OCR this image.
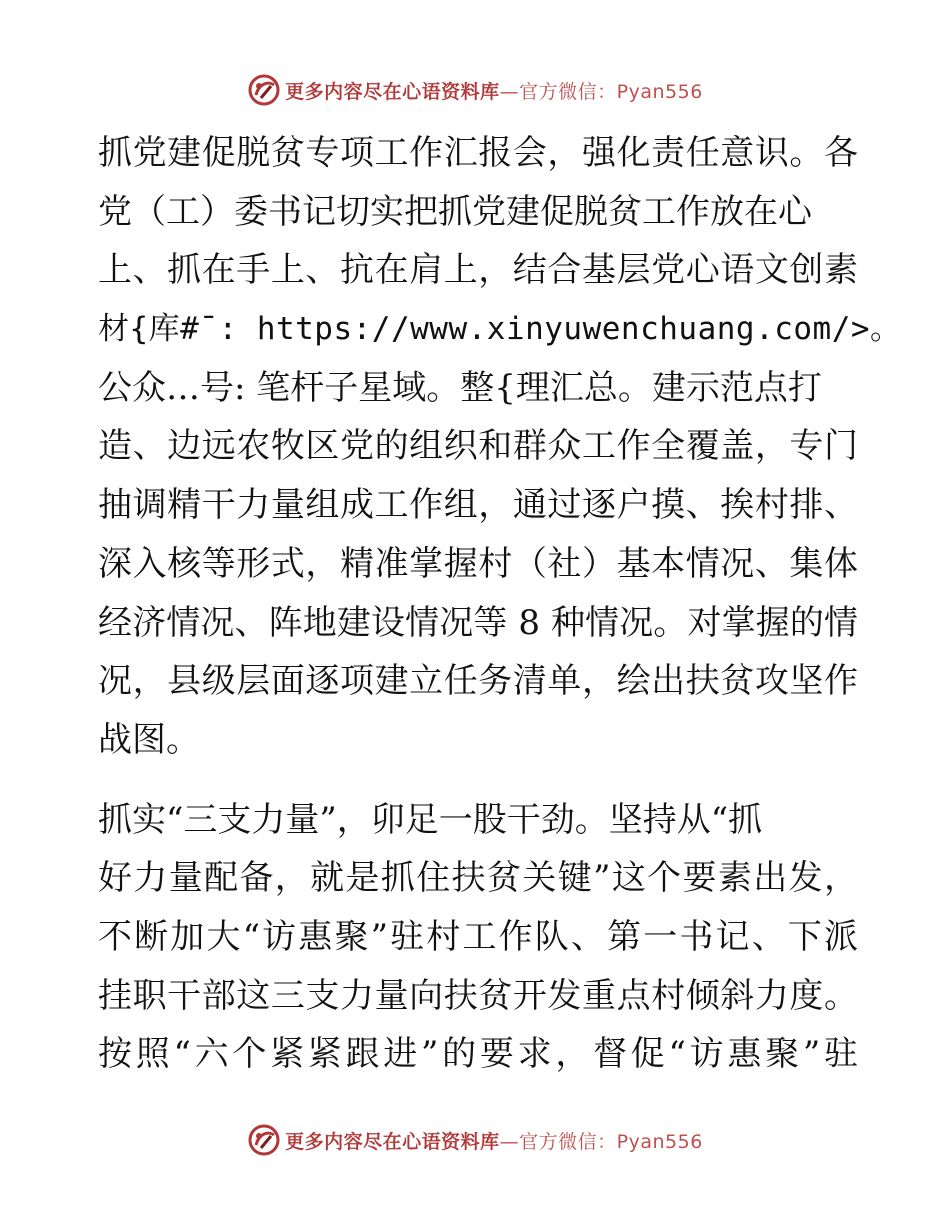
更多内容尽在心语资料库—官方微信：Pyan556
抓党建促脱贫专项工作汇报会，强化责任意识。各
党（工）委书记切实把抓党建促脱贫工作放在心
上、抓在手上、抗在肩上，结合基层党心语文创素
材{库#¯: https://www.xinyuwenchuang.com/>。
公众…号: 笔杆子星域。整{理汇总。建示范点打
造、边远农牧区党的组织和群众工作全覆盖，专门
抽调精干力量组成工作组，通过逐户摸、挨村排、
深入核等形式，精准掌握村（社）基本情况、集体
经济情况、阵地建设情况等 8 种情况。对掌握的情
况，县级层面逐项建立任务清单，绘出扶贫攻坚作
战图。
抓实“三支力量”，卯足一股干劲。坚持从“抓
好力量配备，就是抓住扶贫关键”这个要素出发，
不断加大“访惠聚”驻村工作队、第一书记、下派
挂职干部这三支力量向扶贫开发重点村倾斜力度。
按照“六个紧紧跟进”的要求，督促“访惠聚”驻
更多内容尽在心语资料库—官方微信：Pyan556
